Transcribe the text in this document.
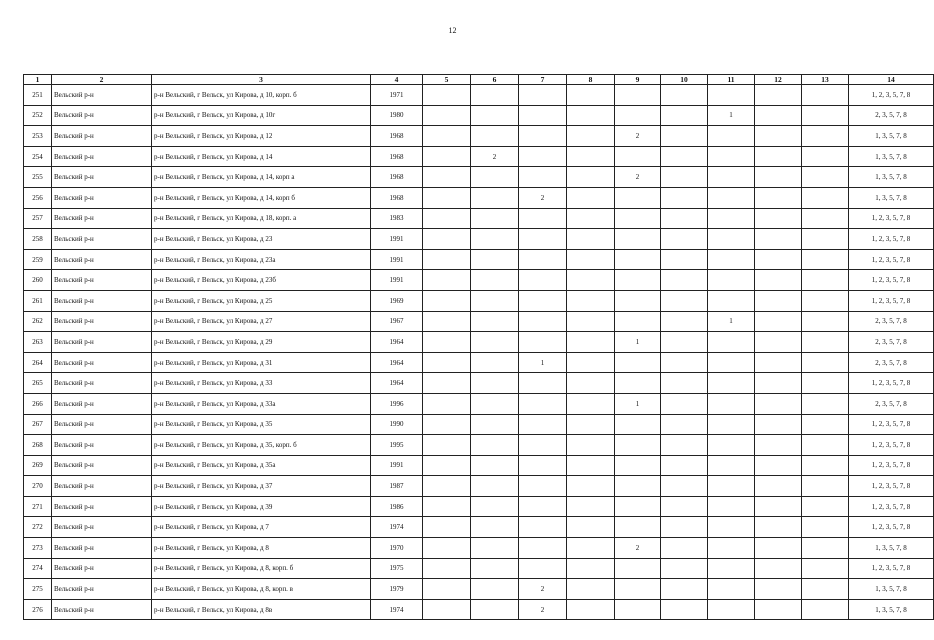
12
1	2	3	4	5	6	7	8	9	10	11	12	13	14
251	Вельский р-н	р-н Вельский, г Вельск, ул Кирова, д 10, корп. б	1971										1, 2, 3, 5, 7, 8
252	Вельский р-н	р-н Вельский, г Вельск, ул Кирова, д 10г	1980							1			2, 3, 5, 7, 8
253	Вельский р-н	р-н Вельский, г Вельск, ул Кирова, д 12	1968					2					1, 3, 5, 7, 8
254	Вельский р-н	р-н Вельский, г Вельск, ул Кирова, д 14	1968		2								1, 3, 5, 7, 8
255	Вельский р-н	р-н Вельский, г Вельск, ул Кирова, д 14, корп а	1968					2					1, 3, 5, 7, 8
256	Вельский р-н	р-н Вельский, г Вельск, ул Кирова, д 14, корп б	1968			2							1, 3, 5, 7, 8
257	Вельский р-н	р-н Вельский, г Вельск, ул Кирова, д 18, корп. а	1983										1, 2, 3, 5, 7, 8
258	Вельский р-н	р-н Вельский, г Вельск, ул Кирова, д 23	1991										1, 2, 3, 5, 7, 8
259	Вельский р-н	р-н Вельский, г Вельск, ул Кирова, д 23а	1991										1, 2, 3, 5, 7, 8
260	Вельский р-н	р-н Вельский, г Вельск, ул Кирова, д 23б	1991										1, 2, 3, 5, 7, 8
261	Вельский р-н	р-н Вельский, г Вельск, ул Кирова, д 25	1969										1, 2, 3, 5, 7, 8
262	Вельский р-н	р-н Вельский, г Вельск, ул Кирова, д 27	1967							1			2, 3, 5, 7, 8
263	Вельский р-н	р-н Вельский, г Вельск, ул Кирова, д 29	1964					1					2, 3, 5, 7, 8
264	Вельский р-н	р-н Вельский, г Вельск, ул Кирова, д 31	1964			1							2, 3, 5, 7, 8
265	Вельский р-н	р-н Вельский, г Вельск, ул Кирова, д 33	1964										1, 2, 3, 5, 7, 8
266	Вельский р-н	р-н Вельский, г Вельск, ул Кирова, д 33а	1996					1					2, 3, 5, 7, 8
267	Вельский р-н	р-н Вельский, г Вельск, ул Кирова, д 35	1990										1, 2, 3, 5, 7, 8
268	Вельский р-н	р-н Вельский, г Вельск, ул Кирова, д 35, корп. б	1995										1, 2, 3, 5, 7, 8
269	Вельский р-н	р-н Вельский, г Вельск, ул Кирова, д 35а	1991										1, 2, 3, 5, 7, 8
270	Вельский р-н	р-н Вельский, г Вельск, ул Кирова, д 37	1987										1, 2, 3, 5, 7, 8
271	Вельский р-н	р-н Вельский, г Вельск, ул Кирова, д 39	1986										1, 2, 3, 5, 7, 8
272	Вельский р-н	р-н Вельский, г Вельск, ул Кирова, д 7	1974										1, 2, 3, 5, 7, 8
273	Вельский р-н	р-н Вельский, г Вельск, ул Кирова, д 8	1970					2					1, 3, 5, 7, 8
274	Вельский р-н	р-н Вельский, г Вельск, ул Кирова, д 8, корп. б	1975										1, 2, 3, 5, 7, 8
275	Вельский р-н	р-н Вельский, г Вельск, ул Кирова, д 8, корп. в	1979			2							1, 3, 5, 7, 8
276	Вельский р-н	р-н Вельский, г Вельск, ул Кирова, д 8в	1974			2							1, 3, 5, 7, 8
